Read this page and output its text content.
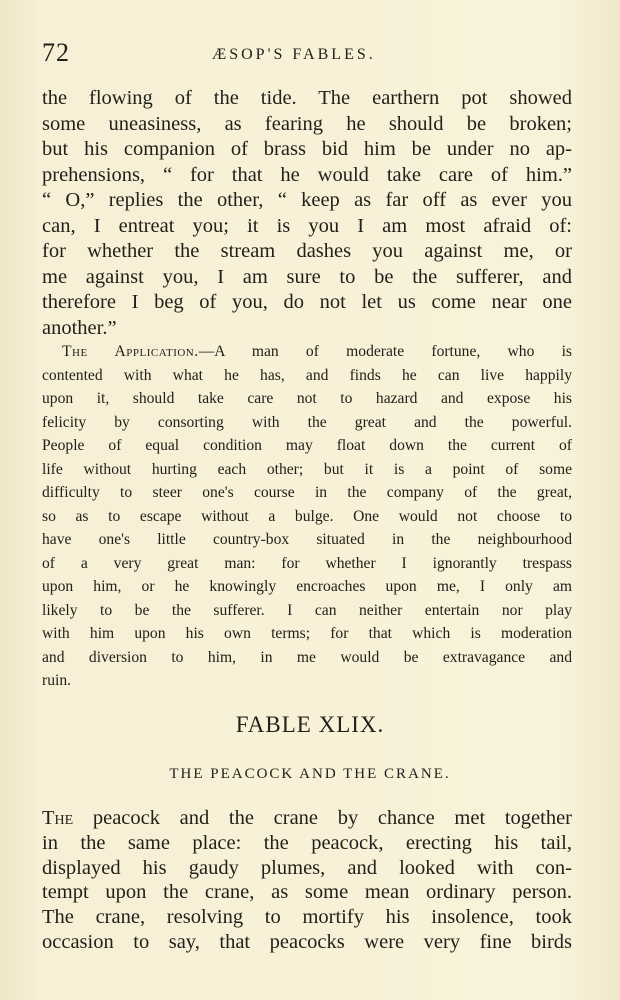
72	ÆSOP'S FABLES.
the flowing of the tide. The earthern pot showed
some uneasiness, as fearing he should be broken;
but his companion of brass bid him be under no ap-
prehensions, “ for that he would take care of him.”
“ O,” replies the other, “ keep as far off as ever you
can, I entreat you; it is you I am most afraid of:
for whether the stream dashes you against me, or
me against you, I am sure to be the sufferer, and
therefore I beg of you, do not let us come near one
another.”
The Application.—A man of moderate fortune, who is
contented with what he has, and finds he can live happily
upon it, should take care not to hazard and expose his
felicity by consorting with the great and the powerful.
People of equal condition may float down the current of
life without hurting each other; but it is a point of some
difficulty to steer one's course in the company of the great,
so as to escape without a bulge. One would not choose to
have one's little country-box situated in the neighbourhood
of a very great man: for whether I ignorantly trespass
upon him, or he knowingly encroaches upon me, I only am
likely to be the sufferer. I can neither entertain nor play
with him upon his own terms; for that which is moderation
and diversion to him, in me would be extravagance and
ruin.
FABLE XLIX.
THE PEACOCK AND THE CRANE.
The peacock and the crane by chance met together
in the same place: the peacock, erecting his tail,
displayed his gaudy plumes, and looked with con-
tempt upon the crane, as some mean ordinary person.
The crane, resolving to mortify his insolence, took
occasion to say, that peacocks were very fine birds
